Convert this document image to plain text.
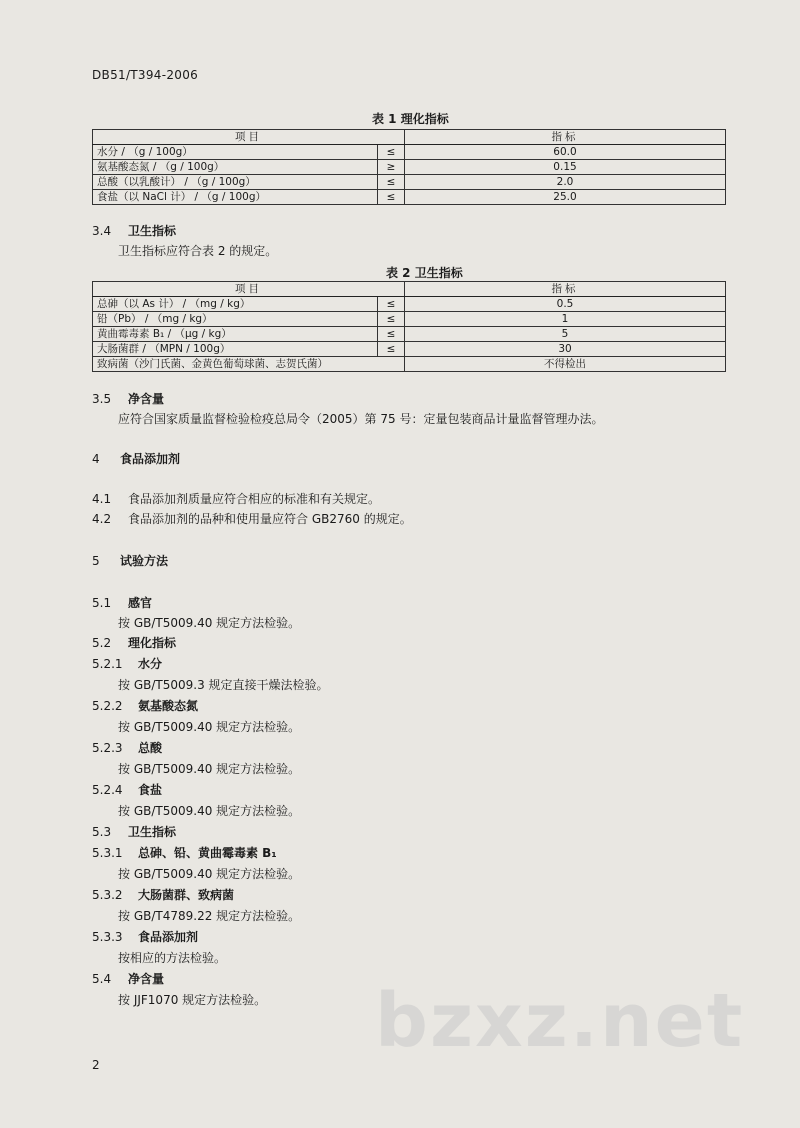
DB51/T394-2006
表 1 理化指标
项目		指标
水分 / （g / 100g）	≤	60.0
氨基酸态氮 / （g / 100g）	≥	0.15
总酸（以乳酸计） / （g / 100g）	≤	2.0
食盐（以 NaCl 计） / （g / 100g）	≤	25.0
3.4 卫生指标
卫生指标应符合表 2 的规定。
表 2 卫生指标
项目		指标
总砷（以 As 计） / （mg / kg）	≤	0.5
铅（Pb） / （mg / kg）	≤	1
黄曲霉毒素 B₁ / （μg / kg）	≤	5
大肠菌群 / （MPN / 100g）	≤	30
致病菌（沙门氏菌、金黄色葡萄球菌、志贺氏菌）		不得检出
3.5 净含量
应符合国家质量监督检验检疫总局令（2005）第 75 号：定量包装商品计量监督管理办法。
4 食品添加剂
4.1 食品添加剂质量应符合相应的标准和有关规定。
4.2 食品添加剂的品种和使用量应符合 GB2760 的规定。
5 试验方法
5.1 感官
按 GB/T5009.40 规定方法检验。
5.2 理化指标
5.2.1 水分
按 GB/T5009.3 规定直接干燥法检验。
5.2.2 氨基酸态氮
按 GB/T5009.40 规定方法检验。
5.2.3 总酸
按 GB/T5009.40 规定方法检验。
5.2.4 食盐
按 GB/T5009.40 规定方法检验。
5.3 卫生指标
5.3.1 总砷、铅、黄曲霉毒素 B₁
按 GB/T5009.40 规定方法检验。
5.3.2 大肠菌群、致病菌
按 GB/T4789.22 规定方法检验。
5.3.3 食品添加剂
按相应的方法检验。
5.4 净含量
按 JJF1070 规定方法检验。 bzxz.net
2
